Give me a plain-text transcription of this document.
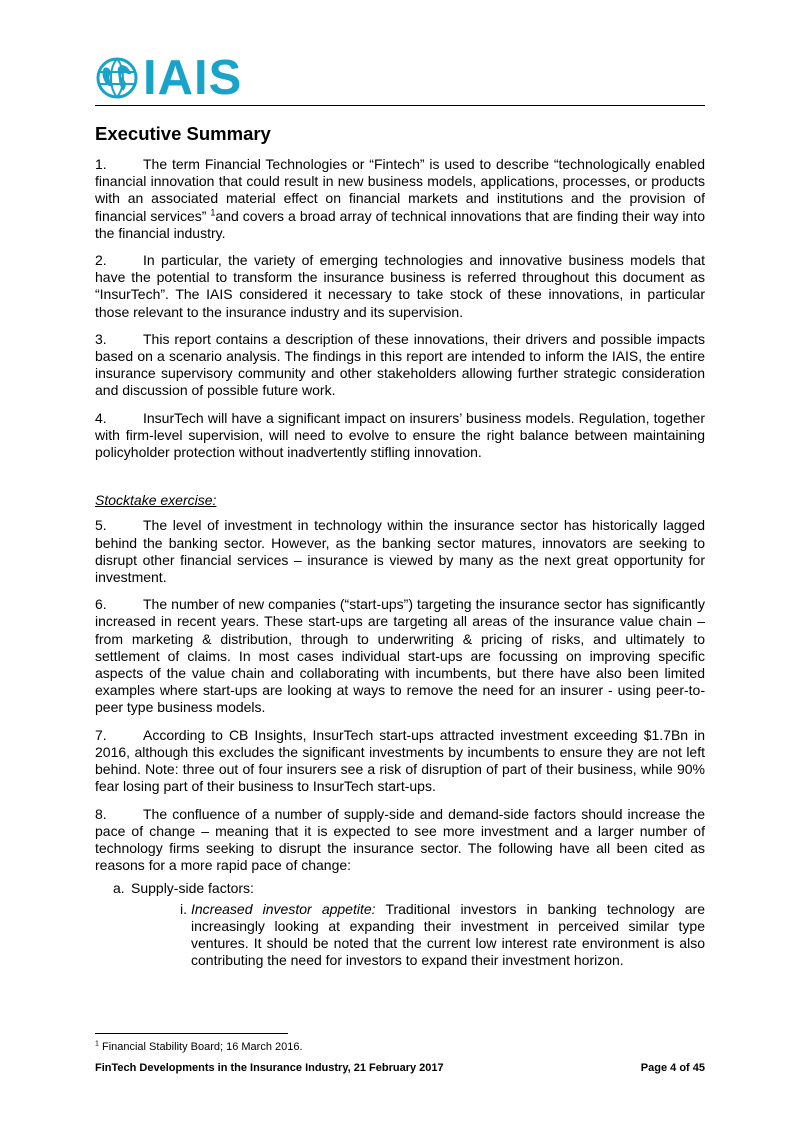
IAIS
Executive Summary

1.	The term Financial Technologies or “Fintech” is used to describe “technologically enabled financial innovation that could result in new business models, applications, processes, or products with an associated material effect on financial markets and institutions and the provision of financial services” $^1$and covers a broad array of technical innovations that are finding their way into the financial industry.

2.	In particular, the variety of emerging technologies and innovative business models that have the potential to transform the insurance business is referred throughout this document as “InsurTech”. The IAIS considered it necessary to take stock of these innovations, in particular those relevant to the insurance industry and its supervision.

3.	This report contains a description of these innovations, their drivers and possible impacts based on a scenario analysis. The findings in this report are intended to inform the IAIS, the entire insurance supervisory community and other stakeholders allowing further strategic consideration and discussion of possible future work.

4.	InsurTech will have a significant impact on insurers’ business models. Regulation, together with firm-level supervision, will need to evolve to ensure the right balance between maintaining policyholder protection without inadvertently stifling innovation.

Stocktake exercise:

5.	The level of investment in technology within the insurance sector has historically lagged behind the banking sector. However, as the banking sector matures, innovators are seeking to disrupt other financial services – insurance is viewed by many as the next great opportunity for investment.

6.	The number of new companies (“start-ups”) targeting the insurance sector has significantly increased in recent years. These start-ups are targeting all areas of the insurance value chain – from marketing & distribution, through to underwriting & pricing of risks, and ultimately to settlement of claims. In most cases individual start-ups are focussing on improving specific aspects of the value chain and collaborating with incumbents, but there have also been limited examples where start-ups are looking at ways to remove the need for an insurer - using peer-to-peer type business models.

7.	According to CB Insights, InsurTech start-ups attracted investment exceeding $1.7Bn in 2016, although this excludes the significant investments by incumbents to ensure they are not left behind. Note: three out of four insurers see a risk of disruption of part of their business, while 90% fear losing part of their business to InsurTech start-ups.

8.	The confluence of a number of supply-side and demand-side factors should increase the pace of change – meaning that it is expected to see more investment and a larger number of technology firms seeking to disrupt the insurance sector. The following have all been cited as reasons for a more rapid pace of change:

a. Supply-side factors:
i. Increased investor appetite: Traditional investors in banking technology are increasingly looking at expanding their investment in perceived similar type ventures. It should be noted that the current low interest rate environment is also contributing the need for investors to expand their investment horizon.
$^1$ Financial Stability Board; 16 March 2016.
FinTech Developments in the Insurance Industry, 21 February 2017	Page 4 of 45
